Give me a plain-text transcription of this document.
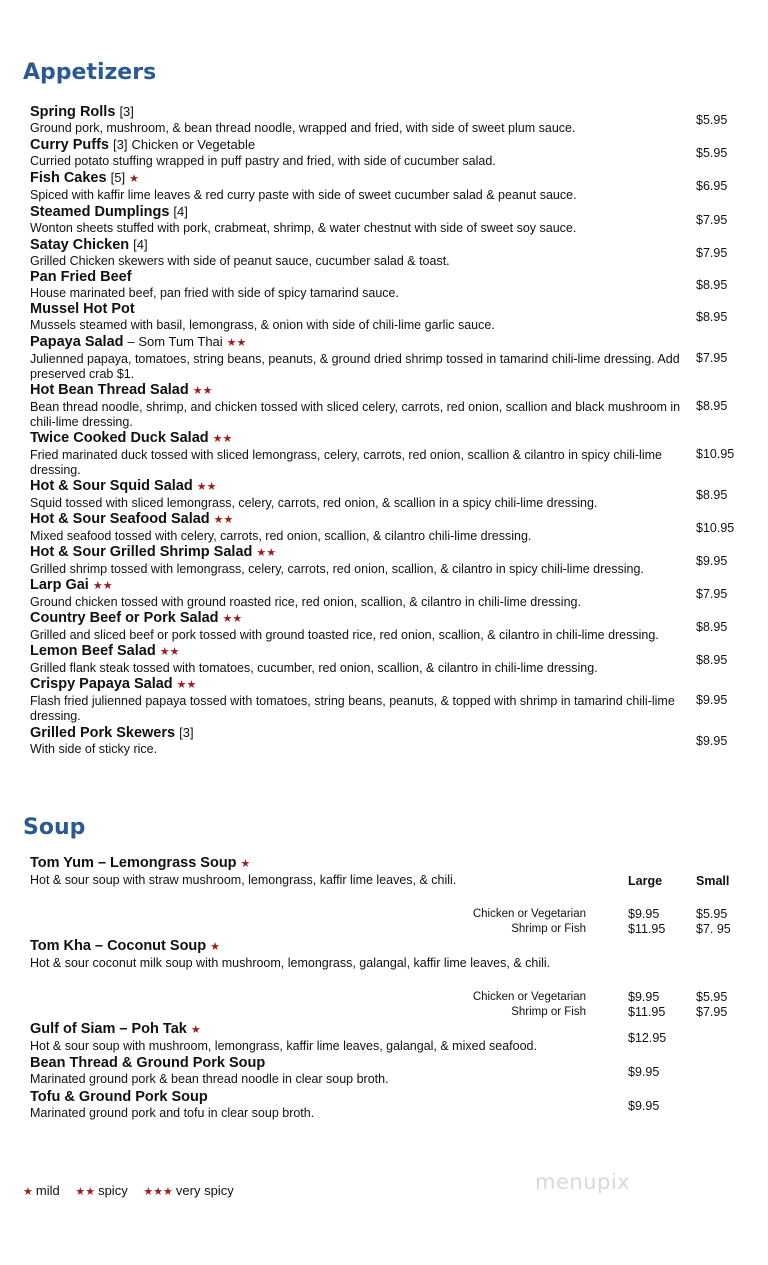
Appetizers
Spring Rolls [3]
Ground pork, mushroom, & bean thread noodle, wrapped and fried, with side of sweet plum sauce.
$5.95
Curry Puffs [3] Chicken or Vegetable
Curried potato stuffing wrapped in puff pastry and fried, with side of cucumber salad.
$5.95
Fish Cakes [5] ★
Spiced with kaffir lime leaves & red curry paste with side of sweet cucumber salad & peanut sauce.
$6.95
Steamed Dumplings [4]
Wonton sheets stuffed with pork, crabmeat, shrimp, & water chestnut with side of sweet soy sauce.
$7.95
Satay Chicken [4]
Grilled Chicken skewers with side of peanut sauce, cucumber salad & toast.
$7.95
Pan Fried Beef
House marinated beef, pan fried with side of spicy tamarind sauce.
$8.95
Mussel Hot Pot
Mussels steamed with basil, lemongrass, & onion with side of chili-lime garlic sauce.
$8.95
Papaya Salad – Som Tum Thai ★★
Julienned papaya, tomatoes, string beans, peanuts, & ground dried shrimp tossed in tamarind chili-lime dressing. Add preserved crab $1.
$7.95
Hot Bean Thread Salad ★★
Bean thread noodle, shrimp, and chicken tossed with sliced celery, carrots, red onion, scallion and black mushroom in chili-lime dressing.
$8.95
Twice Cooked Duck Salad ★★
Fried marinated duck tossed with sliced lemongrass, celery, carrots, red onion, scallion & cilantro in spicy chili-lime dressing.
$10.95
Hot & Sour Squid Salad ★★
Squid tossed with sliced lemongrass, celery, carrots, red onion, & scallion in a spicy chili-lime dressing.
$8.95
Hot & Sour Seafood Salad ★★
Mixed seafood tossed with celery, carrots, red onion, scallion, & cilantro chili-lime dressing.
$10.95
Hot & Sour Grilled Shrimp Salad ★★
Grilled shrimp tossed with lemongrass, celery, carrots, red onion, scallion, & cilantro in spicy chili-lime dressing.
$9.95
Larp Gai ★★
Ground chicken tossed with ground roasted rice, red onion, scallion, & cilantro in chili-lime dressing.
$7.95
Country Beef or Pork Salad ★★
Grilled and sliced beef or pork tossed with ground toasted rice, red onion, scallion, & cilantro in chili-lime dressing.
$8.95
Lemon Beef Salad ★★
Grilled flank steak tossed with tomatoes, cucumber, red onion, scallion, & cilantro in chili-lime dressing.
$8.95
Crispy Papaya Salad ★★
Flash fried julienned papaya tossed with tomatoes, string beans, peanuts, & topped with shrimp in tamarind chili-lime dressing.
$9.95
Grilled Pork Skewers [3]
With side of sticky rice.
$9.95
Soup
Tom Yum – Lemongrass Soup ★
Hot & sour soup with straw mushroom, lemongrass, kaffir lime leaves, & chili.	Large	Small
Chicken or Vegetarian	$9.95	$5.95
Shrimp or Fish	$11.95 $7. 95
Tom Kha – Coconut Soup ★
Hot & sour coconut milk soup with mushroom, lemongrass, galangal, kaffir lime leaves, & chili.
Chicken or Vegetarian	$9.95	$5.95
Shrimp or Fish	$11.95 $7.95
Gulf of Siam – Poh Tak ★
Hot & sour soup with mushroom, lemongrass, kaffir lime leaves, galangal, & mixed seafood.
$12.95
Bean Thread & Ground Pork Soup
Marinated ground pork & bean thread noodle in clear soup broth.	$9.95
Tofu & Ground Pork Soup
Marinated ground pork and tofu in clear soup broth.	$9.95
★ mild ★★ spicy ★★★ very spicy	menupix
